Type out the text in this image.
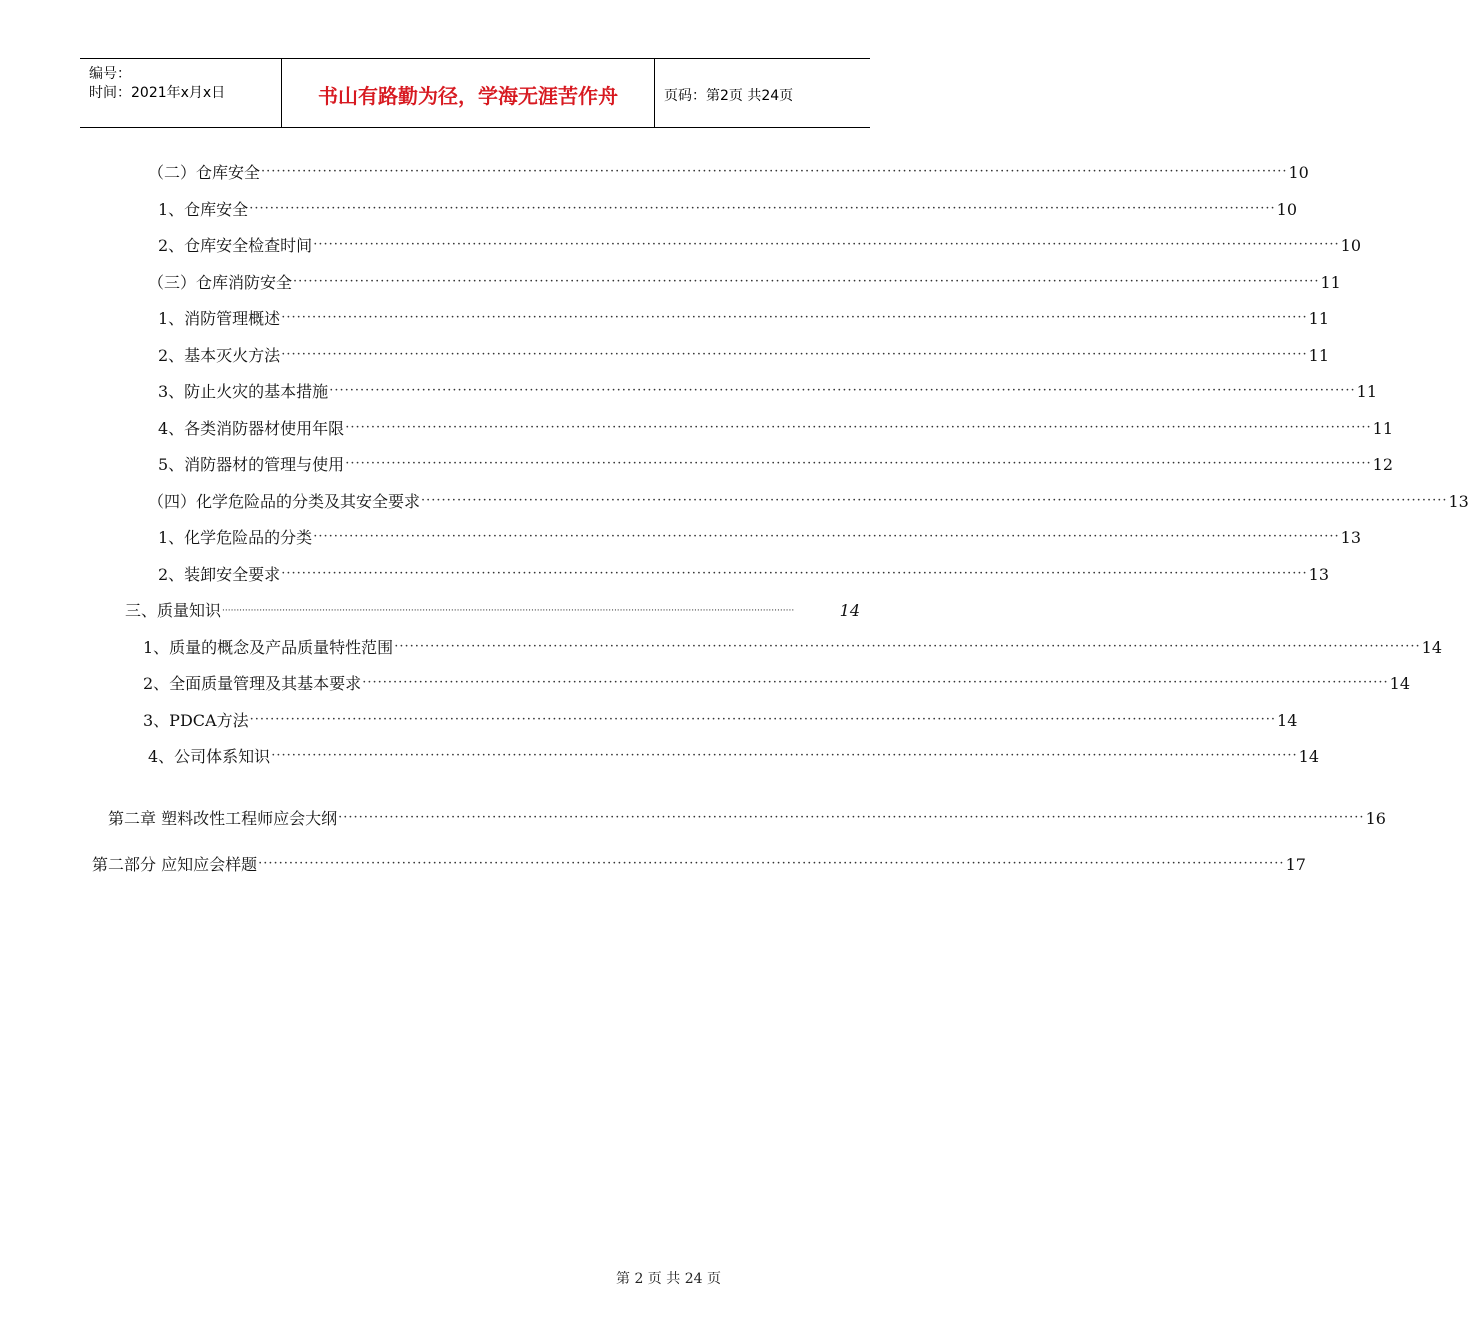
编号：
时间：2021年x月x日	书山有路勤为径，学海无涯苦作舟	页码：第2页 共24页
（二）仓库安全 ········································································································································································································ 10
1、仓库安全 ········································································································································································································ 10
2、仓库安全检查时间 ········································································································································································································ 10
（三）仓库消防安全 ········································································································································································································ 11
1、消防管理概述 ········································································································································································································ 11
2、基本灭火方法 ········································································································································································································ 11
3、防止火灾的基本措施 ········································································································································································································ 11
4、各类消防器材使用年限 ········································································································································································································ 11
5、消防器材的管理与使用 ········································································································································································································ 12
（四）化学危险品的分类及其安全要求 ········································································································································································································ 13
1、化学危险品的分类 ········································································································································································································ 13
2、装卸安全要求 ········································································································································································································ 13
三、质量知识 ········································································································································································································	14
1、质量的概念及产品质量特性范围 ········································································································································································································ 14
2、全面质量管理及其基本要求 ········································································································································································································ 14
3、PDCA方法 ········································································································································································································ 14
4、公司体系知识 ········································································································································································································ 14
第二章 塑料改性工程师应会大纲 ········································································································································································································ 16
第二部分 应知应会样题 ········································································································································································································ 17
第 2 页 共 24 页
